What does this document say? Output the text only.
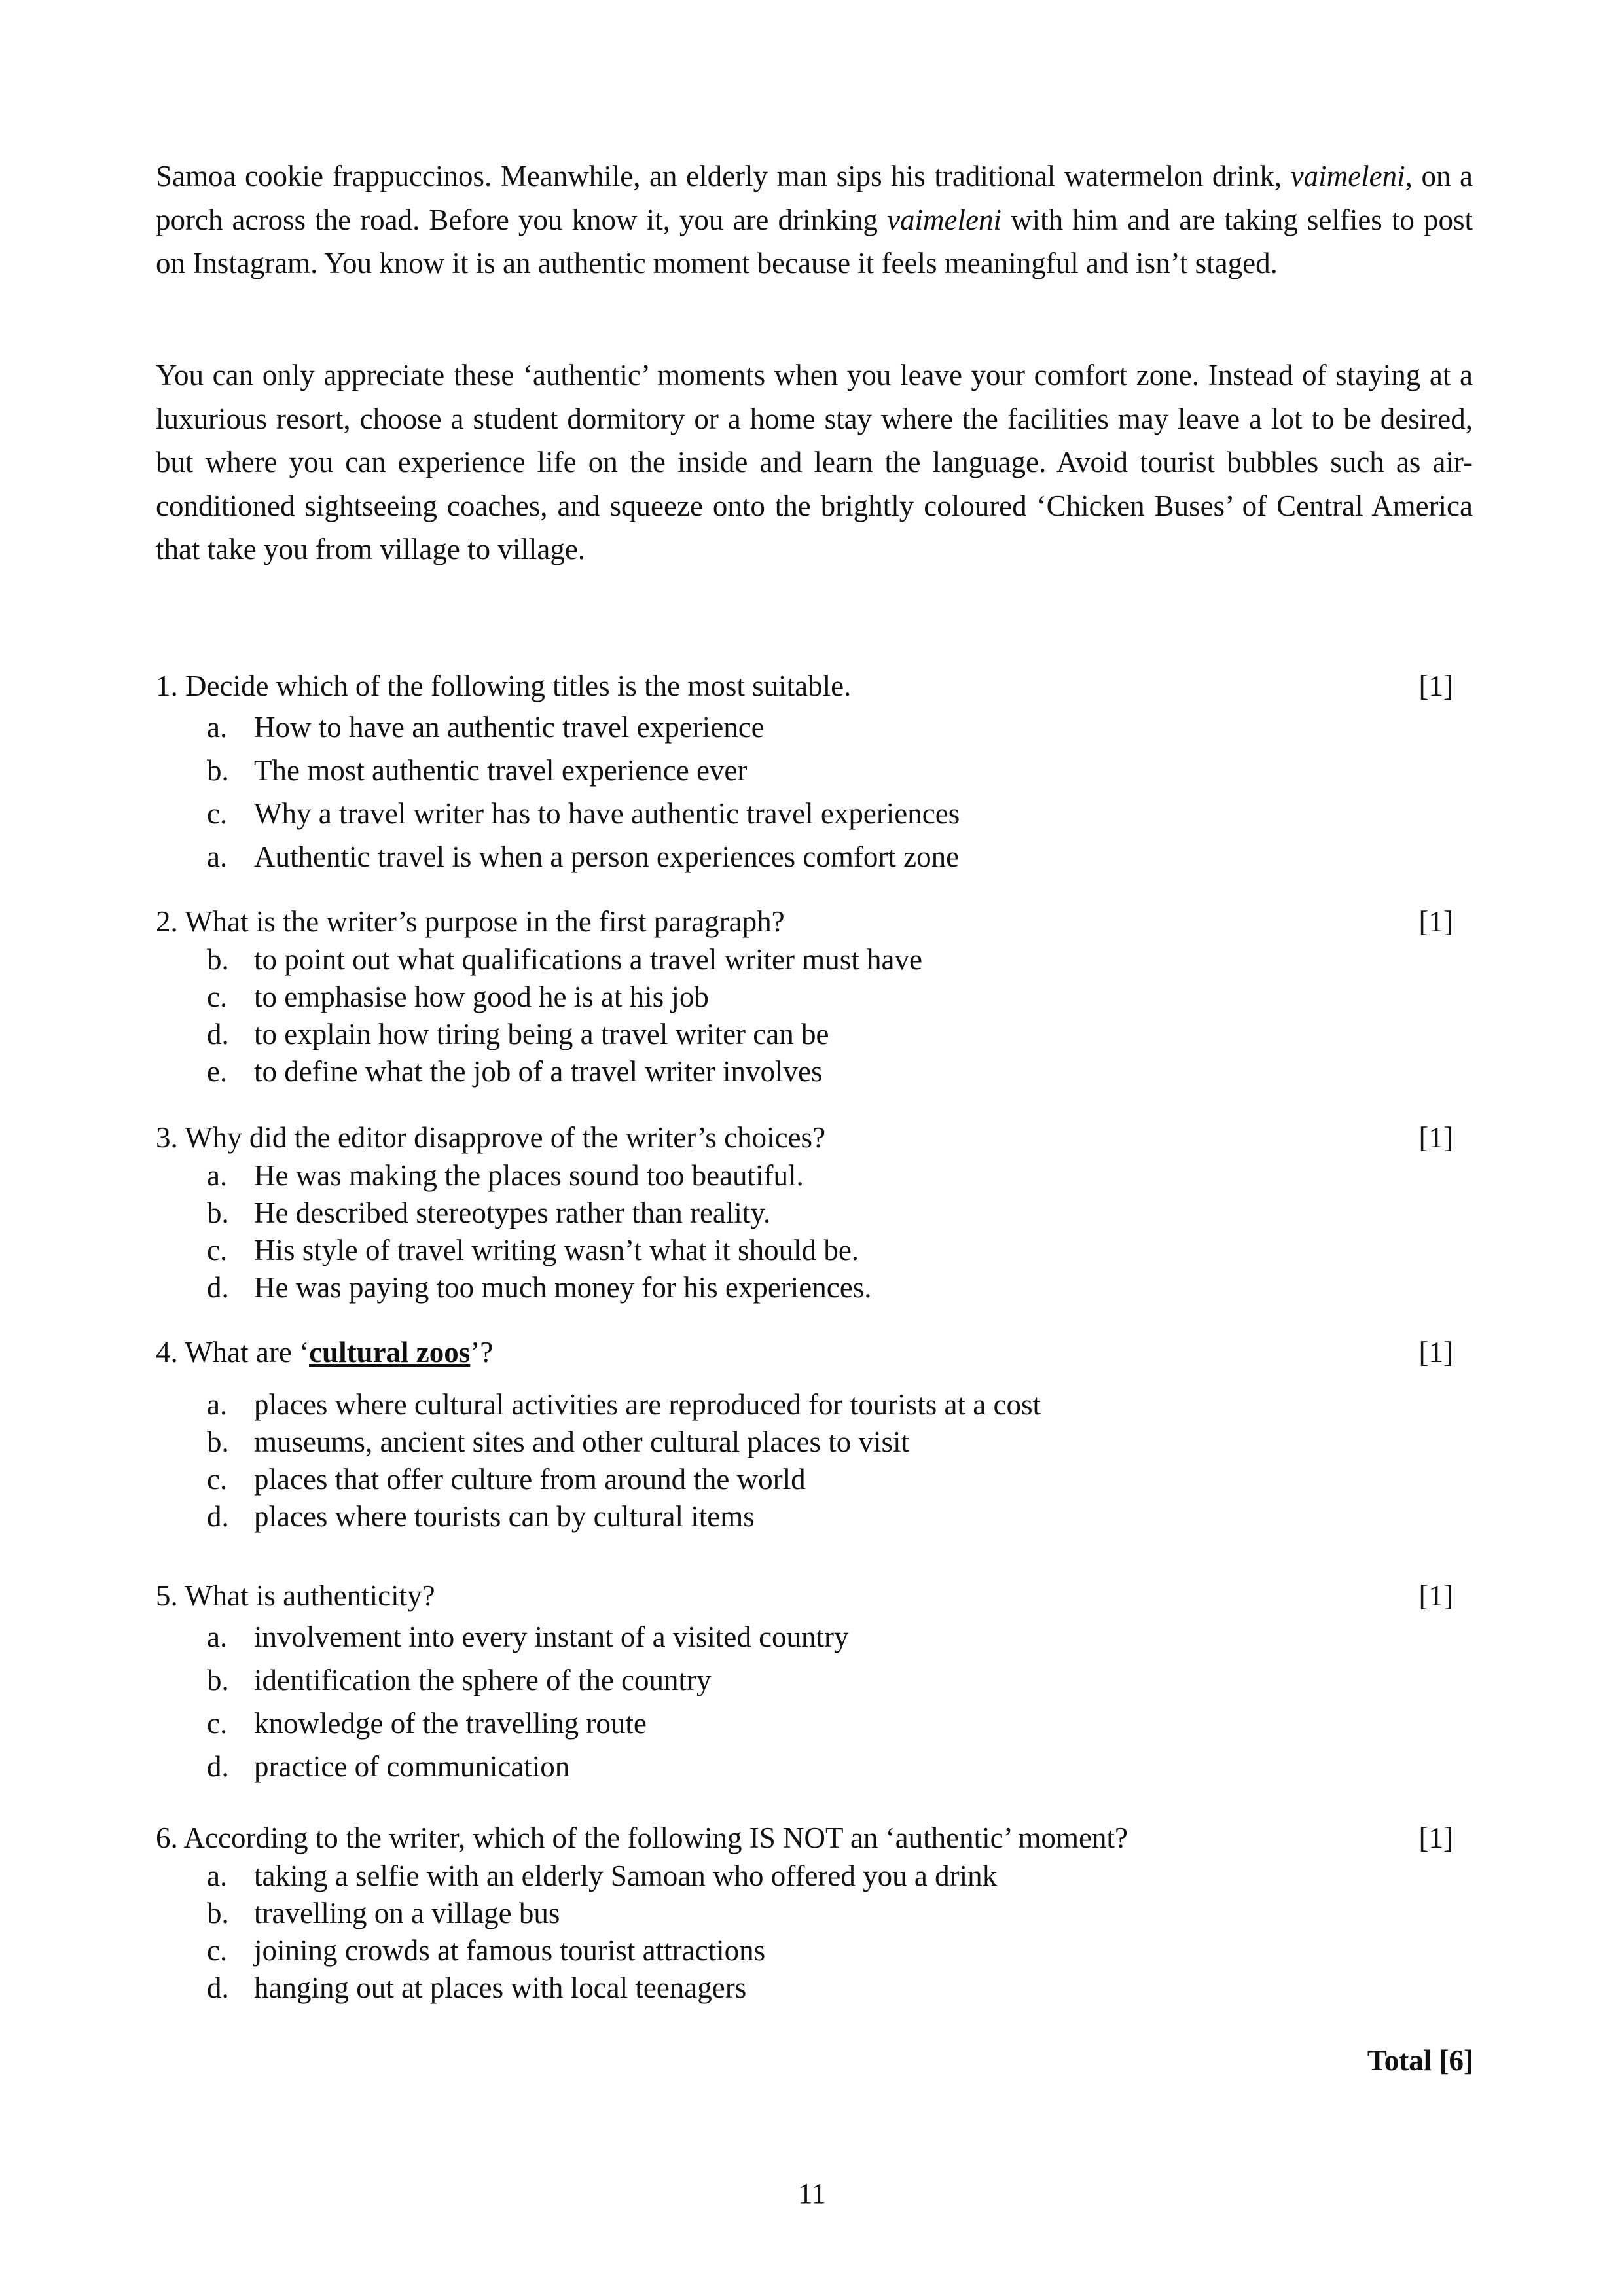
Samoa cookie frappuccinos. Meanwhile, an elderly man sips his traditional watermelon drink, vaimeleni, on a porch across the road. Before you know it, you are drinking vaimeleni with him and are taking selfies to post on Instagram. You know it is an authentic moment because it feels meaningful and isn’t staged.

You can only appreciate these ‘authentic’ moments when you leave your comfort zone. Instead of staying at a luxurious resort, choose a student dormitory or a home stay where the facilities may leave a lot to be desired, but where you can experience life on the inside and learn the language. Avoid tourist bubbles such as air-conditioned sightseeing coaches, and squeeze onto the brightly coloured ‘Chicken Buses’ of Central America that take you from village to village.

1. Decide which of the following titles is the most suitable.	[1]
a. How to have an authentic travel experience
b. The most authentic travel experience ever
c. Why a travel writer has to have authentic travel experiences
a. Authentic travel is when a person experiences comfort zone
2. What is the writer’s purpose in the first paragraph?	[1]
b. to point out what qualifications a travel writer must have
c. to emphasise how good he is at his job
d. to explain how tiring being a travel writer can be
e. to define what the job of a travel writer involves
3. Why did the editor disapprove of the writer’s choices?	[1]
a. He was making the places sound too beautiful.
b. He described stereotypes rather than reality.
c. His style of travel writing wasn’t what it should be.
d. He was paying too much money for his experiences.
4. What are ‘cultural zoos’?	[1]
a. places where cultural activities are reproduced for tourists at a cost
b. museums, ancient sites and other cultural places to visit
c. places that offer culture from around the world
d. places where tourists can by cultural items
5. What is authenticity?	[1]
a. involvement into every instant of a visited country
b. identification the sphere of the country
c. knowledge of the travelling route
d. practice of communication
6. According to the writer, which of the following IS NOT an ‘authentic’ moment?	[1]
a. taking a selfie with an elderly Samoan who offered you a drink
b. travelling on a village bus
c. joining crowds at famous tourist attractions
d. hanging out at places with local teenagers
Total [6]
11
